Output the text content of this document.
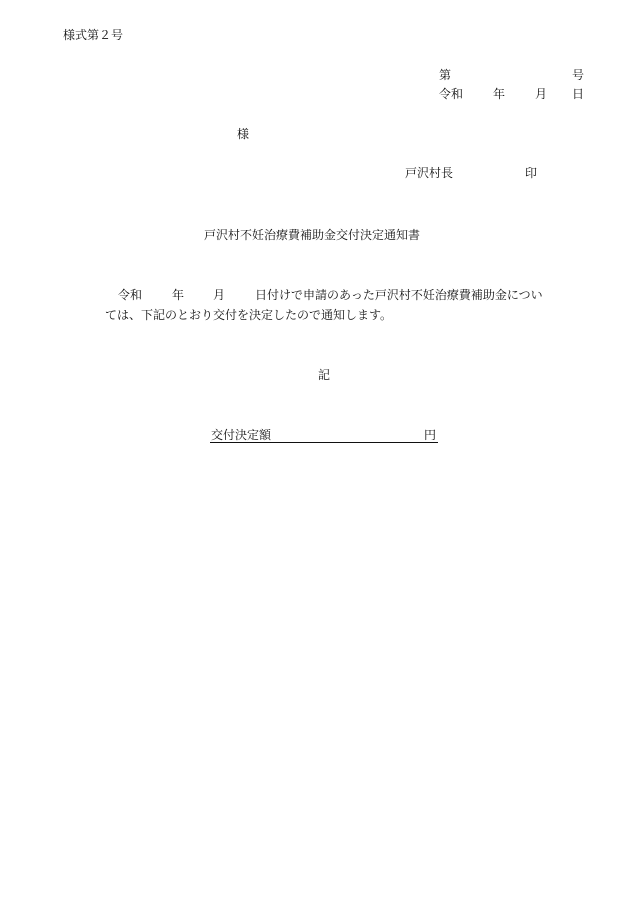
様式第２号
第	号
令和 年 月 日
様
戸沢村長	印
戸沢村不妊治療費補助金交付決定通知書
令和 年 月 日付けで申請のあった戸沢村不妊治療費補助金につい
ては、下記のとおり交付を決定したので通知します。
記
交付決定額	円
